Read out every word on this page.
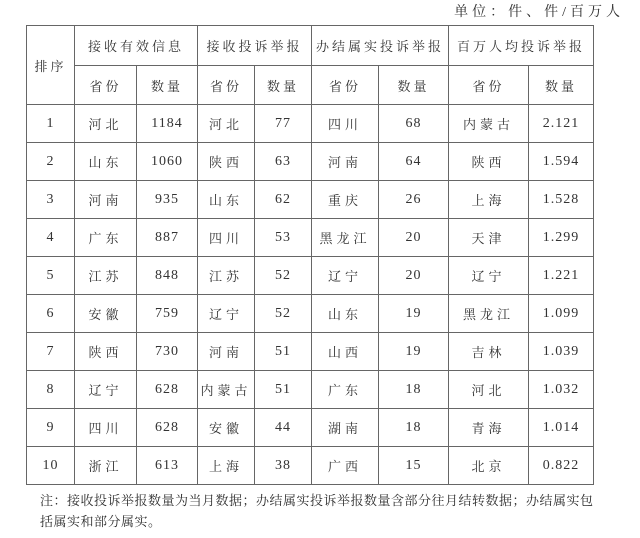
单位：件、件/百万人
排序	接收有效信息		接收投诉举报		办结属实投诉举报		百万人均投诉举报	
	省份	数量	省份	数量	省份	数量	省份	数量
1	河北	1184	河北	77	四川	68	内蒙古	2.121
2	山东	1060	陕西	63	河南	64	陕西	1.594
3	河南	935	山东	62	重庆	26	上海	1.528
4	广东	887	四川	53	黑龙江	20	天津	1.299
5	江苏	848	江苏	52	辽宁	20	辽宁	1.221
6	安徽	759	辽宁	52	山东	19	黑龙江	1.099
7	陕西	730	河南	51	山西	19	吉林	1.039
8	辽宁	628	内蒙古	51	广东	18	河北	1.032
9	四川	628	安徽	44	湖南	18	青海	1.014
10	浙江	613	上海	38	广西	15	北京	0.822
注：接收投诉举报数量为当月数据；办结属实投诉举报数量含部分往月结转数据；办结属实包
括属实和部分属实。
